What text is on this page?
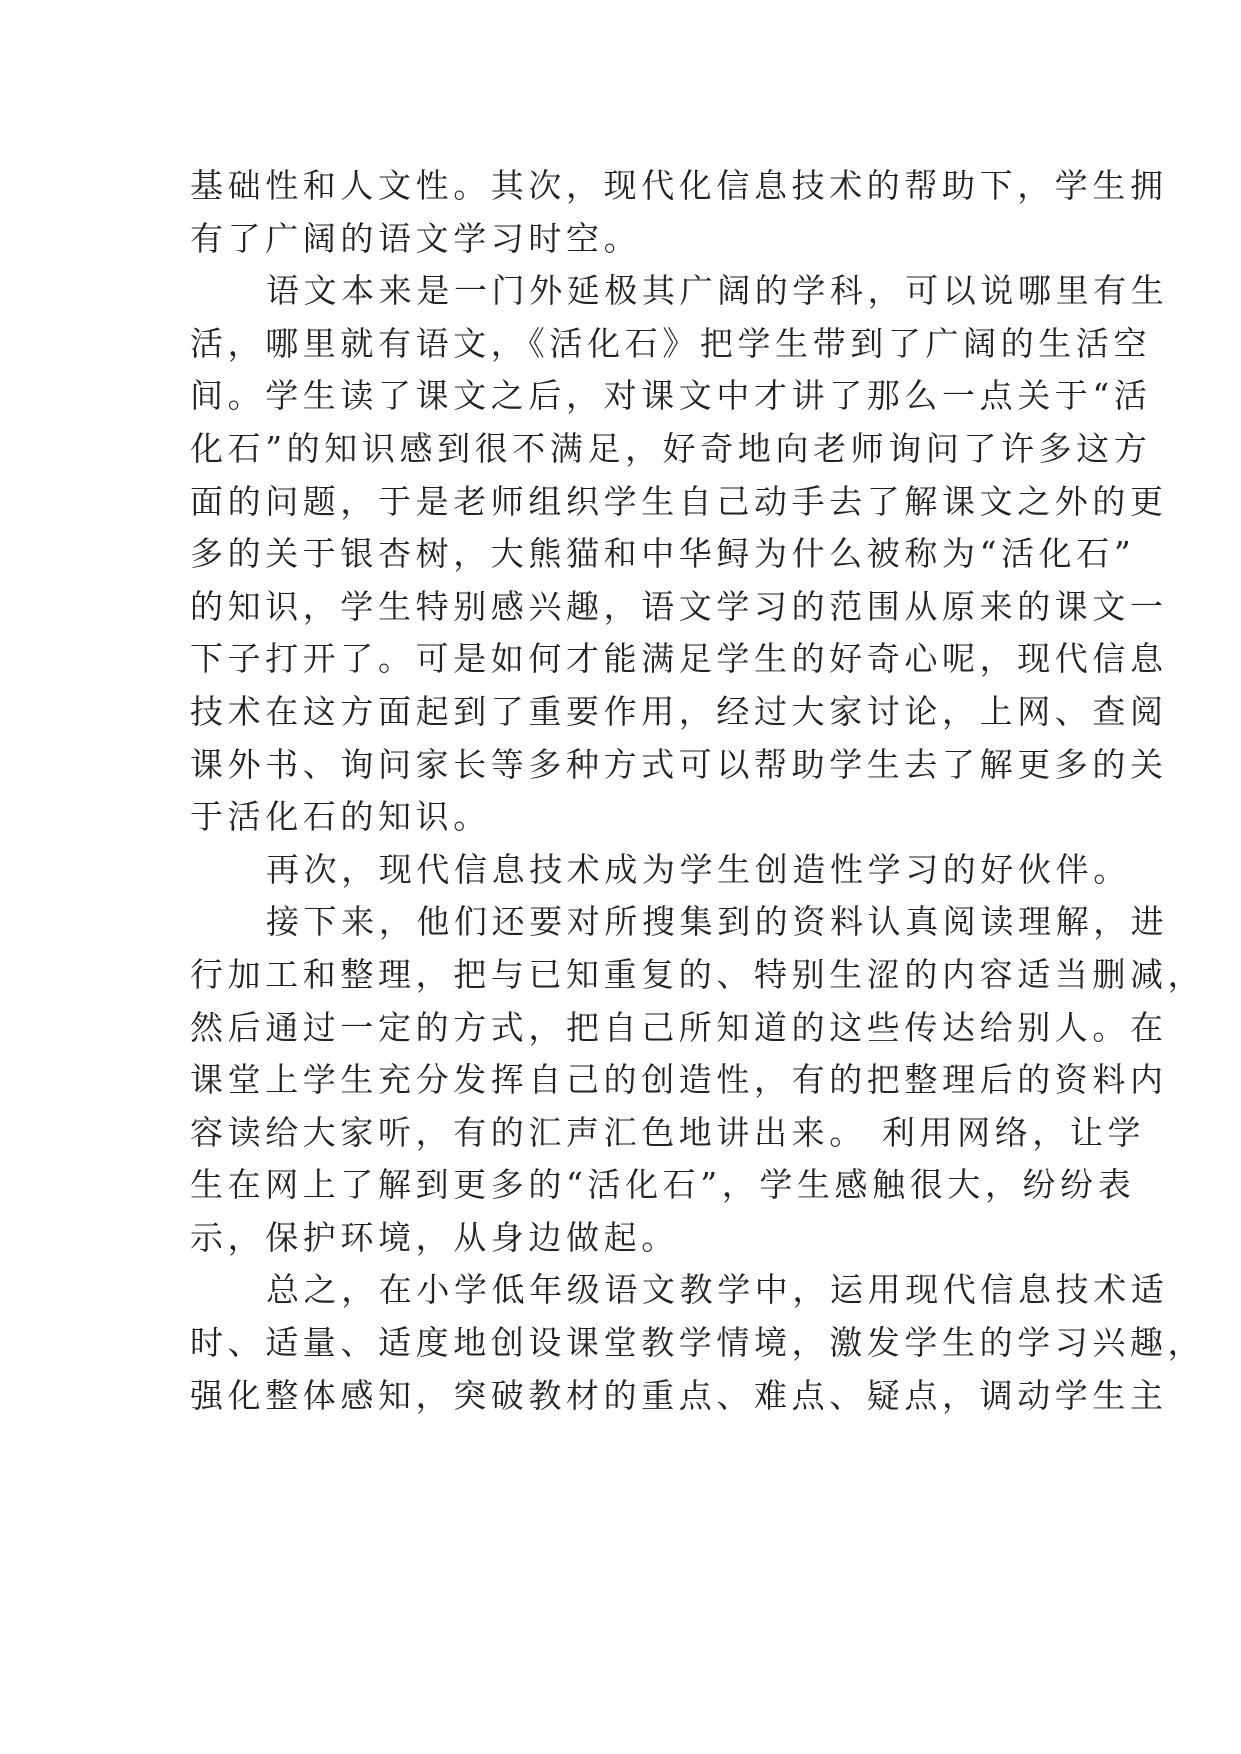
基础性和人文性。其次，现代化信息技术的帮助下，学生拥
有了广阔的语文学习时空。
语文本来是一门外延极其广阔的学科，可以说哪里有生
活，哪里就有语文，《活化石》把学生带到了广阔的生活空
间。学生读了课文之后，对课文中才讲了那么一点关于“活
化石”的知识感到很不满足，好奇地向老师询问了许多这方
面的问题，于是老师组织学生自己动手去了解课文之外的更
多的关于银杏树，大熊猫和中华鲟为什么被称为“活化石”
的知识，学生特别感兴趣，语文学习的范围从原来的课文一
下子打开了。可是如何才能满足学生的好奇心呢，现代信息
技术在这方面起到了重要作用，经过大家讨论，上网、查阅
课外书、询问家长等多种方式可以帮助学生去了解更多的关
于活化石的知识。
再次，现代信息技术成为学生创造性学习的好伙伴。
接下来，他们还要对所搜集到的资料认真阅读理解，进
行加工和整理，把与已知重复的、特别生涩的内容适当删减，
然后通过一定的方式，把自己所知道的这些传达给别人。在
课堂上学生充分发挥自己的创造性，有的把整理后的资料内
容读给大家听，有的汇声汇色地讲出来。 利用网络，让学
生在网上了解到更多的“活化石”，学生感触很大，纷纷表
示，保护环境，从身边做起。
总之，在小学低年级语文教学中，运用现代信息技术适
时、适量、适度地创设课堂教学情境，激发学生的学习兴趣，
强化整体感知，突破教材的重点、难点、疑点，调动学生主
